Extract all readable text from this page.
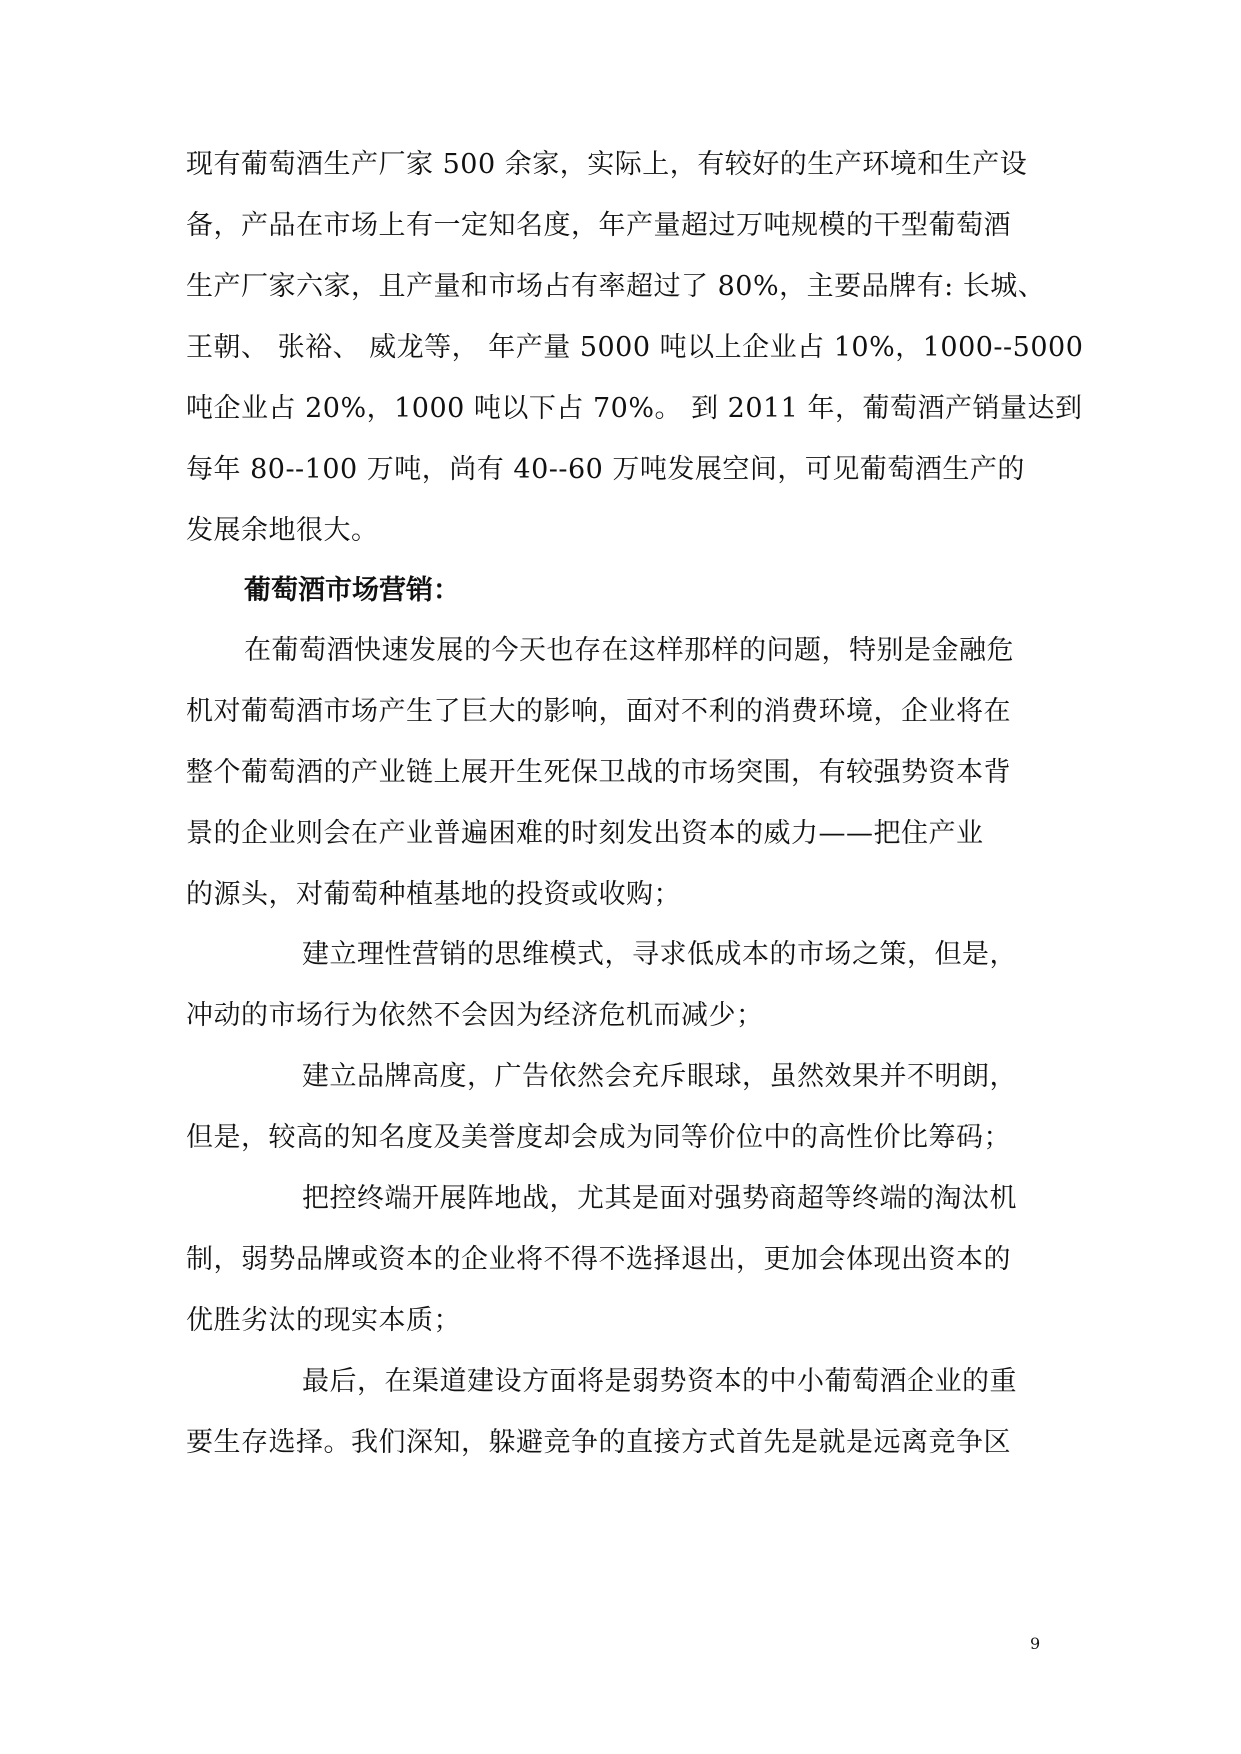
现有葡萄酒生产厂家 500 余家，实际上，有较好的生产环境和生产设
备，产品在市场上有一定知名度，年产量超过万吨规模的干型葡萄酒
生产厂家六家，且产量和市场占有率超过了 80%，主要品牌有: 长城、
王朝、 张裕、 威龙等， 年产量 5000 吨以上企业占 10%，1000--5000
吨企业占 20%，1000 吨以下占 70%。 到 2011 年，葡萄酒产销量达到
每年 80--100 万吨，尚有 40--60 万吨发展空间，可见葡萄酒生产的
发展余地很大。
葡萄酒市场营销：
在葡萄酒快速发展的今天也存在这样那样的问题，特别是金融危
机对葡萄酒市场产生了巨大的影响，面对不利的消费环境，企业将在
整个葡萄酒的产业链上展开生死保卫战的市场突围，有较强势资本背
景的企业则会在产业普遍困难的时刻发出资本的威力——把住产业
的源头，对葡萄种植基地的投资或收购；
建立理性营销的思维模式，寻求低成本的市场之策，但是，
冲动的市场行为依然不会因为经济危机而减少；
建立品牌高度，广告依然会充斥眼球，虽然效果并不明朗，
但是，较高的知名度及美誉度却会成为同等价位中的高性价比筹码；
把控终端开展阵地战，尤其是面对强势商超等终端的淘汰机
制，弱势品牌或资本的企业将不得不选择退出，更加会体现出资本的
优胜劣汰的现实本质；
最后，在渠道建设方面将是弱势资本的中小葡萄酒企业的重
要生存选择。我们深知，躲避竞争的直接方式首先是就是远离竞争区
9
